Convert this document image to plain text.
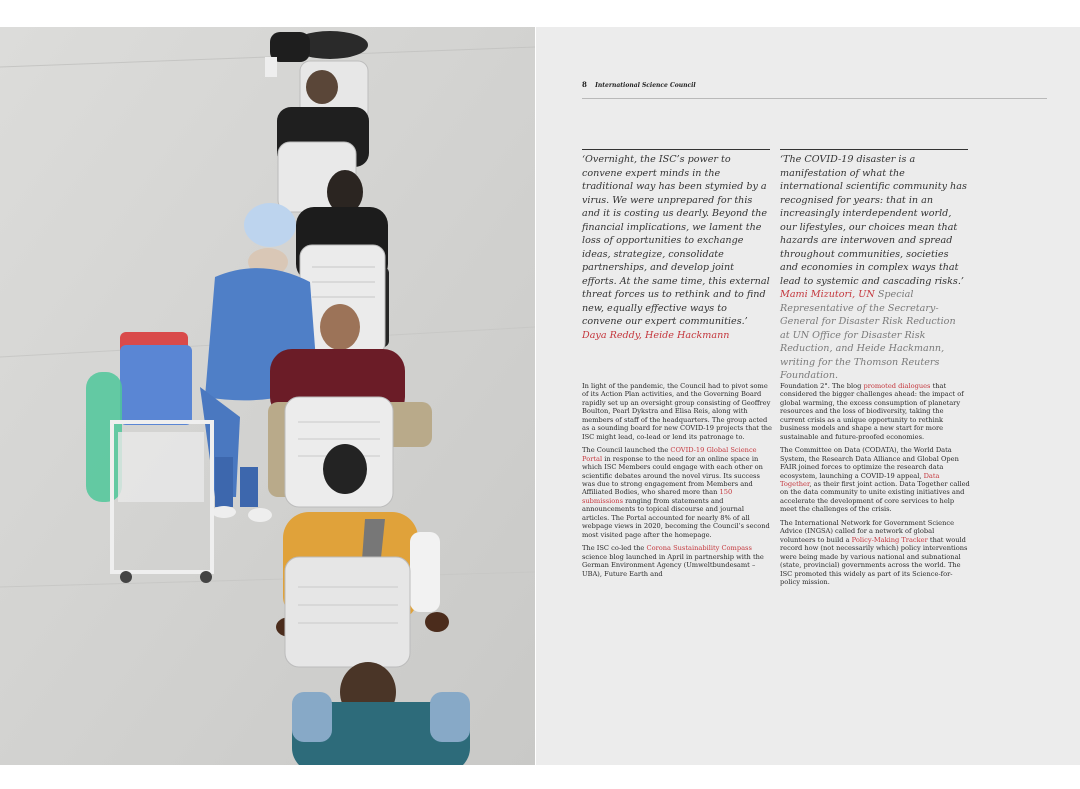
8 International Science Council
‘Overnight, the ISC’s power to convene expert minds in the traditional way has been stymied by a virus. We were unprepared for this and it is costing us dearly. Beyond the financial implications, we lament the loss of opportunities to exchange ideas, strategize, consolidate partnerships, and develop joint efforts. At the same time, this external threat forces us to rethink and to find new, equally effective ways to convene our expert communities.’ Daya Reddy, Heide Hackmann
‘The COVID-19 disaster is a manifestation of what the international scientific community has recognised for years: that in an increasingly interdependent world, our lifestyles, our choices mean that hazards are interwoven and spread throughout communities, societies and economies in complex ways that lead to systemic and cascading risks.’ Mami Mizutori, UN Special Representative of the Secretary-General for Disaster Risk Reduction at UN Office for Disaster Risk Reduction, and Heide Hackmann, writing for the Thomson Reuters Foundation.

In light of the pandemic, the Council had to pivot some of its Action Plan activities, and the Governing Board rapidly set up an oversight group consisting of Geoffrey Boulton, Pearl Dykstra and Elisa Reis, along with members of staff of the headquarters. The group acted as a sounding board for new COVID-19 projects that the ISC might lead, co-lead or lend its patronage to.

The Council launched the COVID-19 Global Science Portal in response to the need for an online space in which ISC Members could engage with each other on scientific debates around the novel virus. Its success was due to strong engagement from Members and Affiliated Bodies, who shared more than 150 submissions ranging from statements and announcements to topical discourse and journal articles. The Portal accounted for nearly 8% of all webpage views in 2020, becoming the Council’s second most visited page after the homepage.

The ISC co-led the Corona Sustainability Compass science blog launched in April in partnership with the German Environment Agency (Umweltbundesamt – UBA), Future Earth and

Foundation 2°. The blog promoted dialogues that considered the bigger challenges ahead: the impact of global warming, the excess consumption of planetary resources and the loss of biodiversity, taking the current crisis as a unique opportunity to rethink business models and shape a new start for more sustainable and future-proofed economies.

The Committee on Data (CODATA), the World Data System, the Research Data Alliance and Global Open FAIR joined forces to optimize the research data ecosystem, launching a COVID-19 appeal, Data Together, as their first joint action. Data Together called on the data community to unite existing initiatives and accelerate the development of core services to help meet the challenges of the crisis.

The International Network for Government Science Advice (INGSA) called for a network of global volunteers to build a Policy-Making Tracker that would record how (not necessarily which) policy interventions were being made by various national and subnational (state, provincial) governments across the world. The ISC promoted this widely as part of its Science-for-policy mission.
